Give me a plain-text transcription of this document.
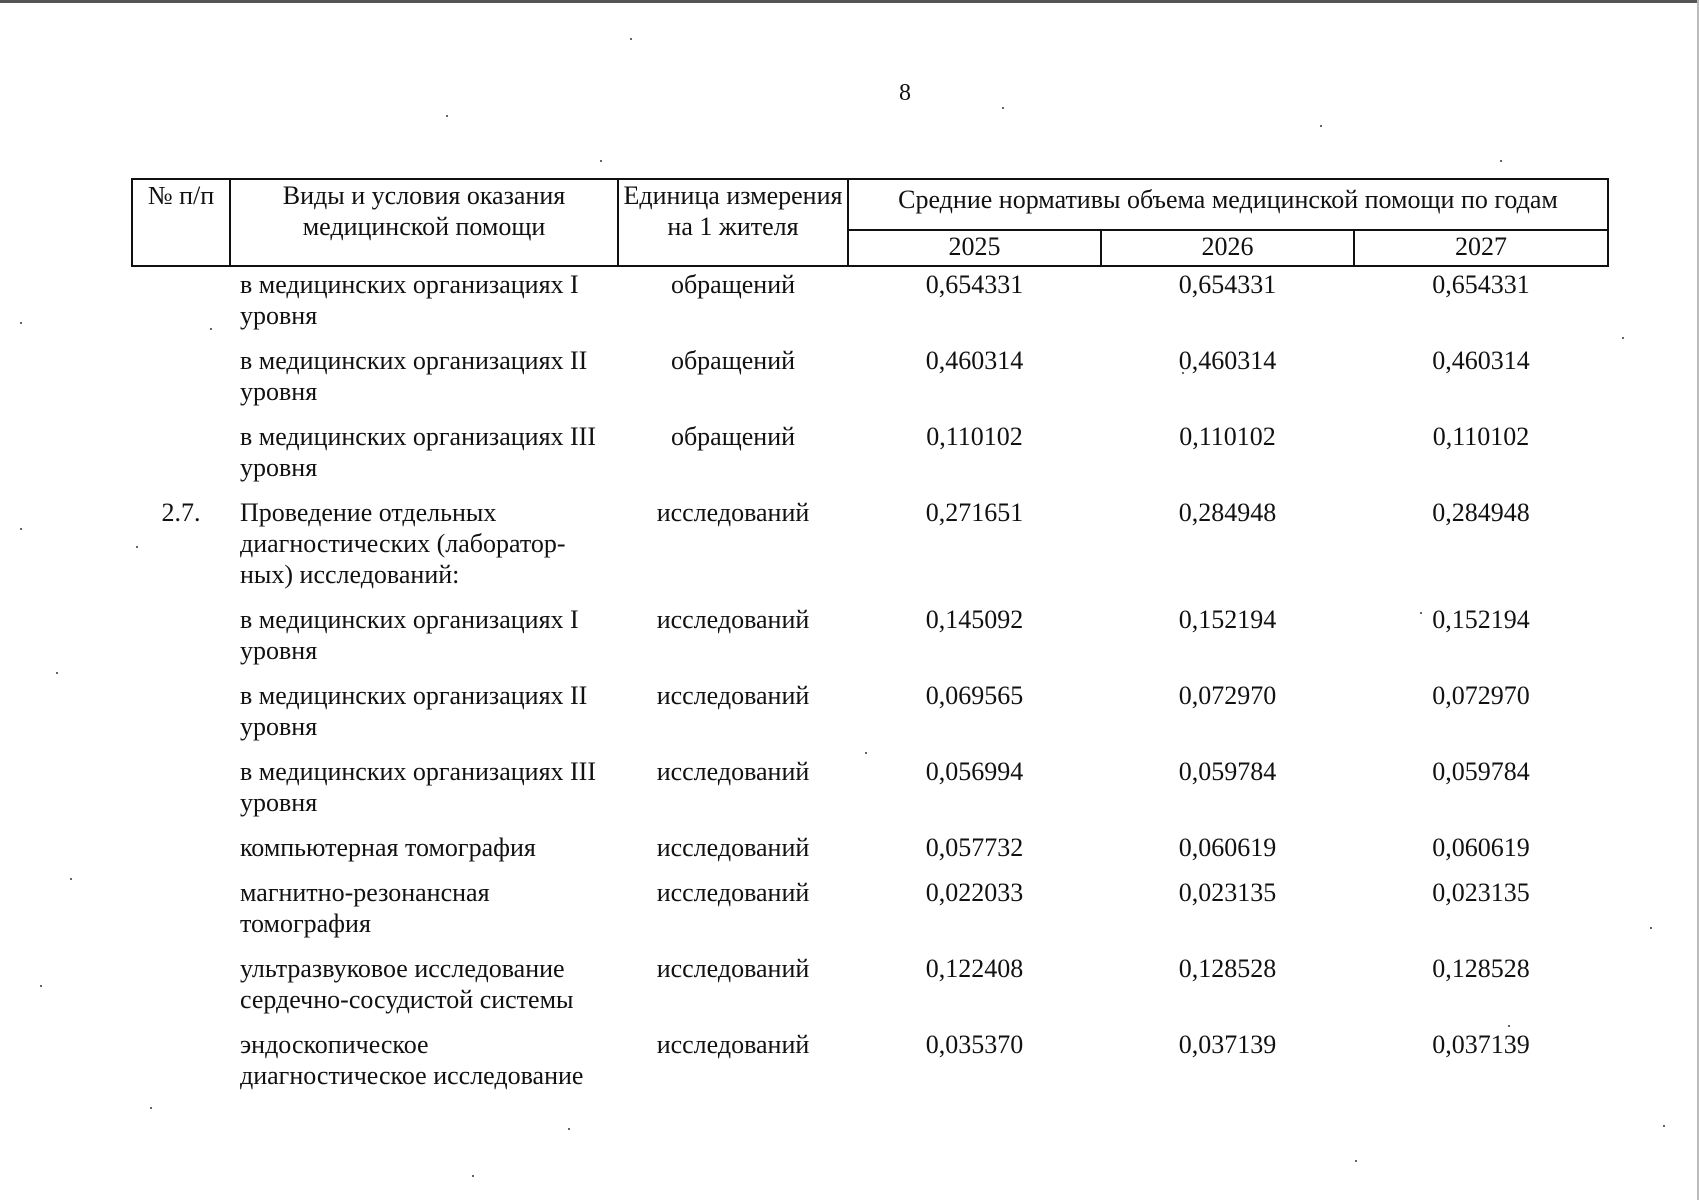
8
№ п/п	Виды и условия оказания медицинской помощи	Единица измерения на 1 жителя	Средние нормативы объема медицинской помощи по годам		
			2025	2026	2027
	в медицинских организациях I уровня	обращений	0,654331	0,654331	0,654331
	в медицинских организациях II уровня	обращений	0,460314	0,460314	0,460314
	в медицинских организациях III уровня	обращений	0,110102	0,110102	0,110102
2.7.	Проведение отдельных диагностических (лаборатор-ных) исследований:	исследований	0,271651	0,284948	0,284948
	в медицинских организациях I уровня	исследований	0,145092	0,152194	0,152194
	в медицинских организациях II уровня	исследований	0,069565	0,072970	0,072970
	в медицинских организациях III уровня	исследований	0,056994	0,059784	0,059784
	компьютерная томография	исследований	0,057732	0,060619	0,060619
	магнитно-резонансная томография	исследований	0,022033	0,023135	0,023135
	ультразвуковое исследование сердечно-сосудистой системы	исследований	0,122408	0,128528	0,128528
	эндоскопическое диагностическое исследование	исследований	0,035370	0,037139	0,037139
